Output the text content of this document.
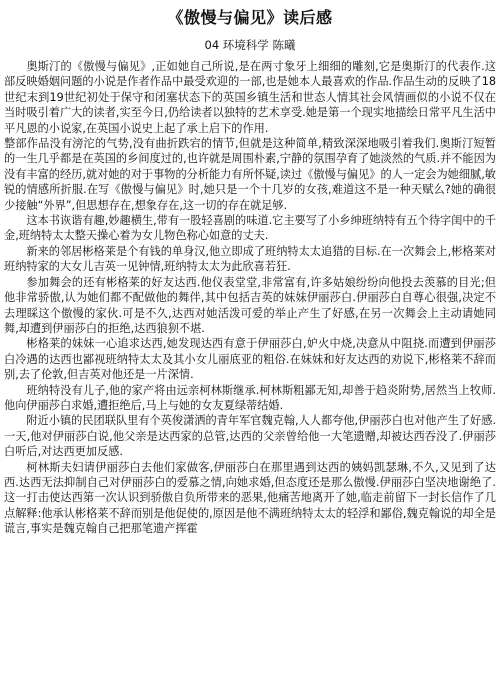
《傲慢与偏见》读后感
04 环境科学 陈曦

奥斯汀的《傲慢与偏见》,正如她自己所说,是在两寸象牙上细细的雕刻,它是奥斯汀的代表作.这部反映婚姻问题的小说是作者作品中最受欢迎的一部,也是她本人最喜欢的作品.作品生动的反映了18世纪末到19世纪初处于保守和闭塞状态下的英国乡镇生活和世态人情其社会风情画似的小说不仅在当时吸引着广大的读者,实至今日,仍给读者以独特的艺术享受.她是第一个现实地描绘日常平凡生活中平凡恩的小说家,在英国小说史上起了承上启下的作用.

整部作品没有滂沱的气势,没有曲折跌宕的情节,但就是这种简单,精致深深地吸引着我们.奥斯汀短暂的一生几乎都是在英国的乡间度过的,也许就是周围朴素,宁静的氛围孕育了她淡然的气质.并不能因为没有丰富的经历,就对她的对于事物的分析能力有所怀疑,读过《傲慢与偏见》的人一定会为她细腻,敏锐的情感所折服.在写《傲慢与偏见》时,她只是一个十几岁的女孩,难道这不是一种天赋么?她的确很少接触“外界”,但思想存在,想象存在,这一切的存在就足够.

这本书诙谐有趣,妙趣横生,带有一股轻喜剧的味道.它主要写了小乡绅班纳特有五个待字闺中的千金,班纳特太太整天操心着为女儿物色称心如意的丈夫.

新来的邻居彬格莱是个有钱的单身汉,他立即成了班纳特太太追猎的目标.在一次舞会上,彬格莱对班纳特家的大女儿吉英一见钟情,班纳特太太为此欣喜若狂.

参加舞会的还有彬格莱的好友达西.他仪表堂堂,非常富有,许多姑娘纷纷向他投去羡慕的目光;但他非常骄傲,认为她们都不配做他的舞伴,其中包括吉英的妹妹伊丽莎白.伊丽莎白自尊心很强,决定不去理睬这个傲慢的家伙.可是不久,达西对她活泼可爱的举止产生了好感,在另一次舞会上主动请她同舞,却遭到伊丽莎白的拒绝,达西狼狈不堪.

彬格莱的妹妹一心追求达西,她发现达西有意于伊丽莎白,妒火中烧,决意从中阻挠.而遭到伊丽莎白冷遇的达西也鄙视班纳特太太及其小女儿丽底亚的粗俗.在妹妹和好友达西的劝说下,彬格莱不辞而别,去了伦敦,但吉英对他还是一片深情.

班纳特没有儿子,他的家产将由远亲柯林斯继承.柯林斯粗鄙无知,却善于趋炎附势,居然当上牧师.他向伊丽莎白求婚,遭拒绝后,马上与她的女友夏绿蒂结婚.

附近小镇的民团联队里有个英俊潇洒的青年军官魏克翰,人人都夸他,伊丽莎白也对他产生了好感.一天,他对伊丽莎白说,他父亲是达西家的总管,达西的父亲曾给他一大笔遗赠,却被达西吞没了.伊丽莎白听后,对达西更加反感.

柯林斯夫妇请伊丽莎白去他们家做客,伊丽莎白在那里遇到达西的姨妈凯瑟琳,不久,又见到了达西.达西无法抑制自己对伊丽莎白的爱慕之情,向她求婚,但态度还是那么傲慢.伊丽莎白坚决地谢绝了.这一打击使达西第一次认识到骄傲自负所带来的恶果,他痛苦地离开了她,临走前留下一封长信作了几点解释:他承认彬格莱不辞而别是他促使的,原因是他不满班纳特太太的轻浮和鄙俗,魏克翰说的却全是谎言,事实是魏克翰自己把那笔遗产挥霍
